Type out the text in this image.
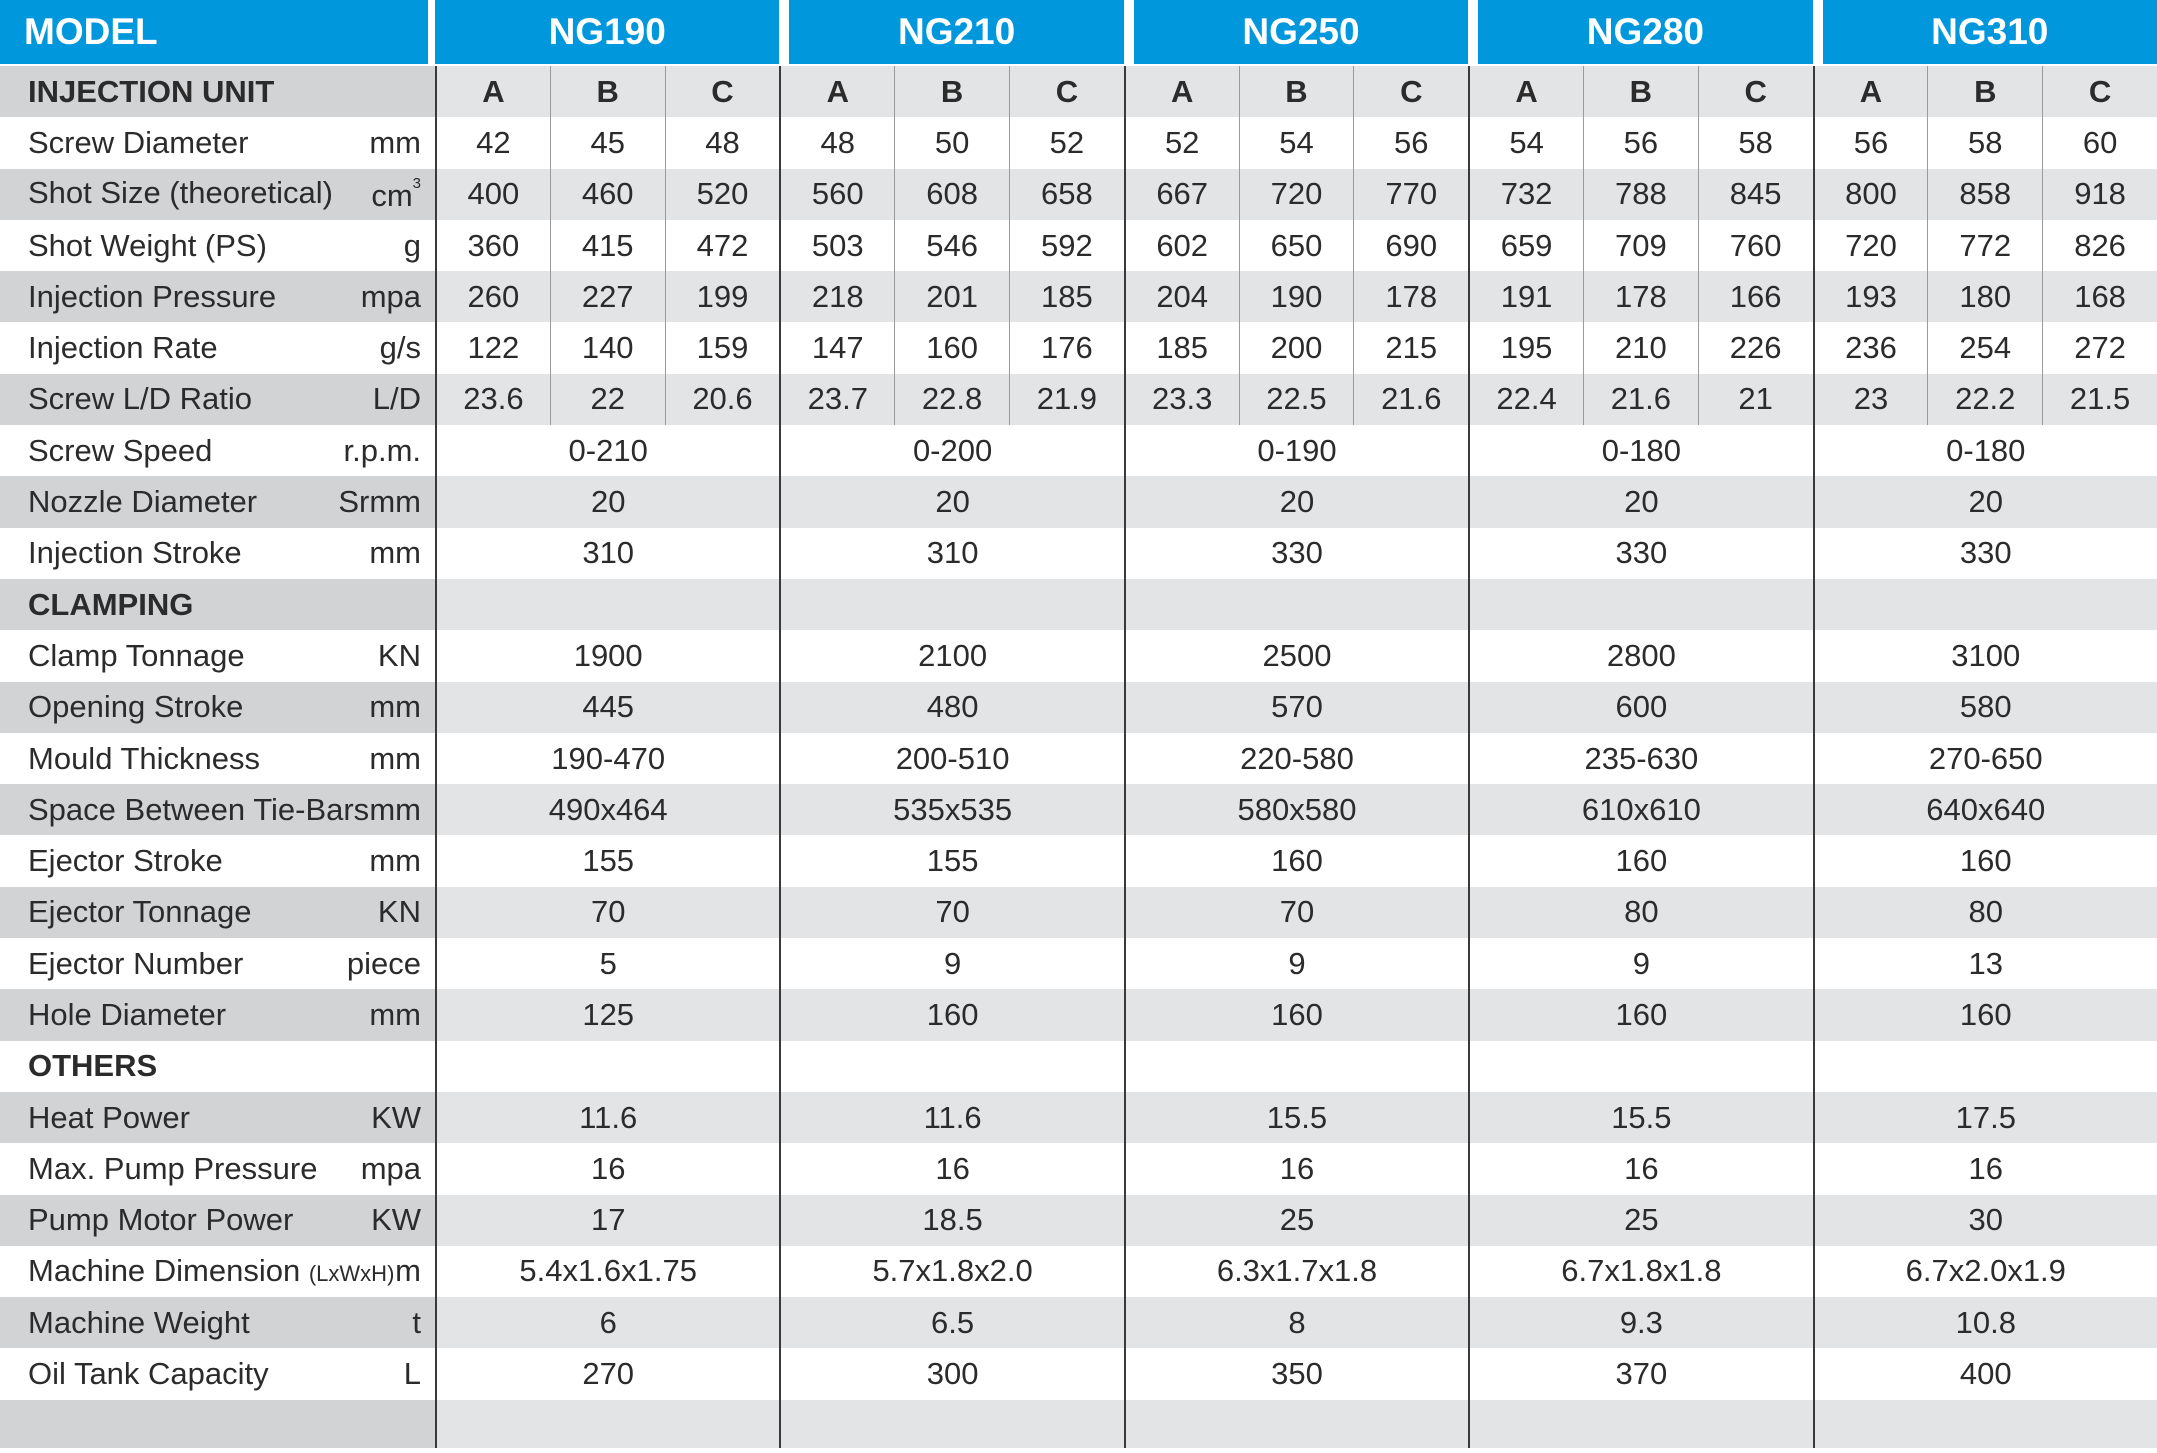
MODEL		NG190			NG210			NG250			NG280			NG310		

INJECTION UNIT		A	B	C	A	B	C	A	B	C	A	B	C	A	B	C

Screw Diameter mm		42	45	48	48	50	52	52	54	56	54	56	58	56	58	60

Shot Size (theoretical) $cm^3$		400	460	520	560	608	658	667	720	770	732	788	845	800	858	918

Shot Weight (PS) g		360	415	472	503	546	592	602	650	690	659	709	760	720	772	826

Injection Pressure mpa		260	227	199	218	201	185	204	190	178	191	178	166	193	180	168

Injection Rate g/s		122	140	159	147	160	176	185	200	215	195	210	226	236	254	272

Screw L/D Ratio L/D		23.6	22	20.6	23.7	22.8	21.9	23.3	22.5	21.6	22.4	21.6	21	23	22.2	21.5

Screw Speed r.p.m.		0-210			0-200			0-190			0-180			0-180		

Nozzle Diameter Srmm		20			20			20			20			20		

Injection Stroke mm		310			310			330			330			330		

CLAMPING																

Clamp Tonnage KN		1900			2100			2500			2800			3100		

Opening Stroke mm		445			480			570			600			580		

Mould Thickness mm		190-470			200-510			220-580			235-630			270-650		

Space Between Tie-Bars mm		490x464			535x535			580x580			610x610			640x640		

Ejector Stroke mm		155			155			160			160			160		

Ejector Tonnage KN		70			70			70			80			80		

Ejector Number piece		5			9			9			9			13		

Hole Diameter mm		125			160			160			160			160		

OTHERS																

Heat Power KW		11.6			11.6			15.5			15.5			17.5		

Max. Pump Pressure mpa		16			16			16			16			16		

Pump Motor Power KW		17			18.5			25			25			30		

Machine Dimension (LxWxH) m		5.4x1.6x1.75			5.7x1.8x2.0			6.3x1.7x1.8			6.7x1.8x1.8			6.7x2.0x1.9		

Machine Weight t		6			6.5			8			9.3			10.8		

Oil Tank Capacity L		270			300			350			370			400		
